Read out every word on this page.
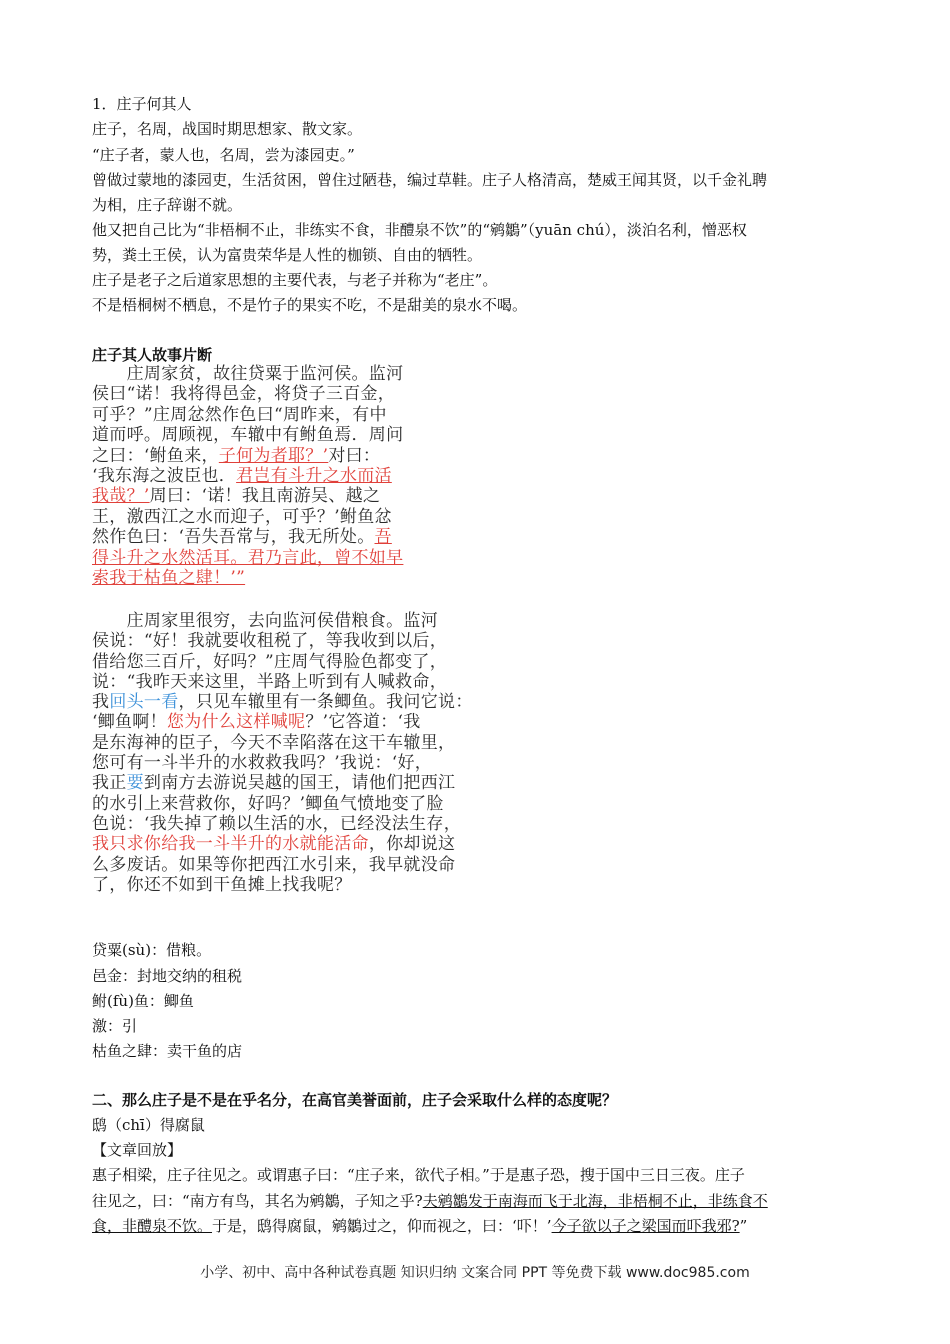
1．庄子何其人
庄子，名周，战国时期思想家、散文家。
“庄子者，蒙人也，名周，尝为漆园吏。”
曾做过蒙地的漆园吏，生活贫困，曾住过陋巷，编过草鞋。庄子人格清高，楚威王闻其贤，以千金礼聘
为相，庄子辞谢不就。
他又把自己比为“非梧桐不止，非练实不食，非醴泉不饮”的“鹓鶵”（yuān chú），淡泊名利，憎恶权
势，粪土王侯，认为富贵荣华是人性的枷锁、自由的牺牲。
庄子是老子之后道家思想的主要代表，与老子并称为“老庄”。
不是梧桐树不栖息，不是竹子的果实不吃，不是甜美的泉水不喝。
庄子其人故事片断
　　庄周家贫，故往贷粟于监河侯。监河
侯曰“诺！我将得邑金，将贷子三百金，
可乎？”庄周忿然作色曰“周昨来，有中
道而呼。周顾视，车辙中有鲋鱼焉．周问
之曰：‘鲋鱼来，子何为者耶？’对曰：
‘我东海之波臣也．君岂有斗升之水而活
我哉？’周曰：‘诺！我且南游吴、越之
王，激西江之水而迎子，可乎？’鲋鱼忿
然作色曰：‘吾失吾常与，我无所处。吾
得斗升之水然活耳。君乃言此，曾不如早
索我于枯鱼之肆！’”
　　庄周家里很穷，去向监河侯借粮食。监河
侯说：“好！我就要收租税了，等我收到以后，
借给您三百斤，好吗？”庄周气得脸色都变了，
说：“我昨天来这里，半路上听到有人喊救命，
我回头一看，只见车辙里有一条鲫鱼。我问它说：
‘鲫鱼啊！您为什么这样喊呢？’它答道：‘我
是东海神的臣子，今天不幸陷落在这干车辙里，
您可有一斗半升的水救救我吗？’我说：‘好，
我正要到南方去游说吴越的国王，请他们把西江
的水引上来营救你，好吗？’鲫鱼气愤地变了脸
色说：‘我失掉了赖以生活的水，已经没法生存，
我只求你给我一斗半升的水就能活命，你却说这
么多废话。如果等你把西江水引来，我早就没命
了，你还不如到干鱼摊上找我呢？
贷粟(sù)：借粮。
邑金：封地交纳的租税
鲋(fù)鱼：鲫鱼
激：引
枯鱼之肆：卖干鱼的店
二、那么庄子是不是在乎名分，在高官美誉面前，庄子会采取什么样的态度呢？
鸱（chī）得腐鼠
【文章回放】
惠子相梁，庄子往见之。或谓惠子曰：“庄子来，欲代子相。”于是惠子恐，搜于国中三日三夜。庄子
往见之，曰：“南方有鸟，其名为鹓鶵，子知之乎?夫鹓鶵发于南海而飞于北海，非梧桐不止，非练食不
食，非醴泉不饮。于是，鸱得腐鼠，鹓鶵过之，仰而视之，曰：‘吓！’今子欲以子之梁国而吓我邪?”
小学、初中、高中各种试卷真题 知识归纳 文案合同 PPT 等免费下载 www.doc985.com
